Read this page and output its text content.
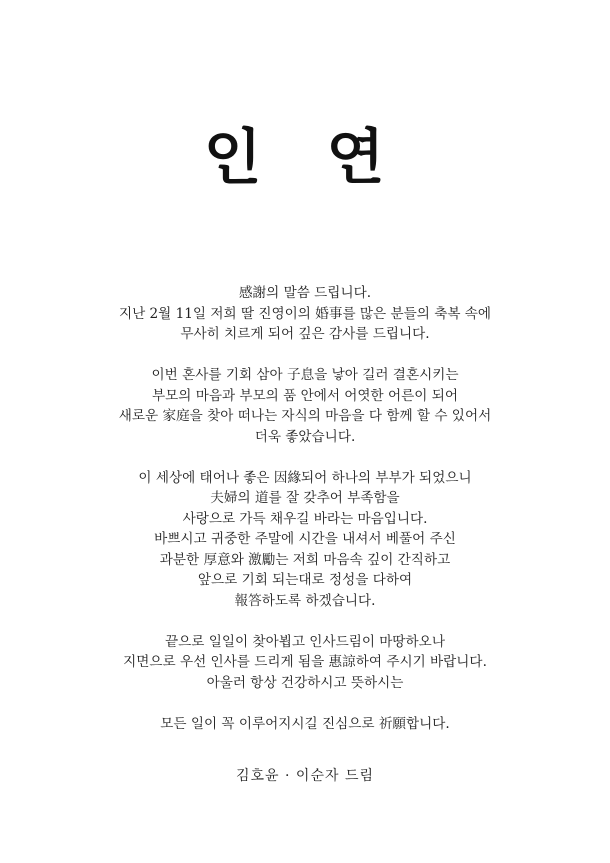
인 연

感謝의 말씀 드립니다.
지난 2월 11일 저희 딸 진영이의 婚事를 많은 분들의 축복 속에
무사히 치르게 되어 깊은 감사를 드립니다.

이번 혼사를 기회 삼아 子息을 낳아 길러 결혼시키는
부모의 마음과 부모의 품 안에서 어엿한 어른이 되어
새로운 家庭을 찾아 떠나는 자식의 마음을 다 함께 할 수 있어서
더욱 좋았습니다.

이 세상에 태어나 좋은 因緣되어 하나의 부부가 되었으니
夫婦의 道를 잘 갖추어 부족함을
사랑으로 가득 채우길 바라는 마음입니다.
바쁘시고 귀중한 주말에 시간을 내셔서 베풀어 주신
과분한 厚意와 激勵는 저희 마음속 깊이 간직하고
앞으로 기회 되는대로 정성을 다하여
報答하도록 하겠습니다.

끝으로 일일이 찾아뵙고 인사드림이 마땅하오나
지면으로 우선 인사를 드리게 됨을 惠諒하여 주시기 바랍니다.
아울러 항상 건강하시고 뜻하시는

모든 일이 꼭 이루어지시길 진심으로 祈願합니다.

김호윤 · 이순자 드림
